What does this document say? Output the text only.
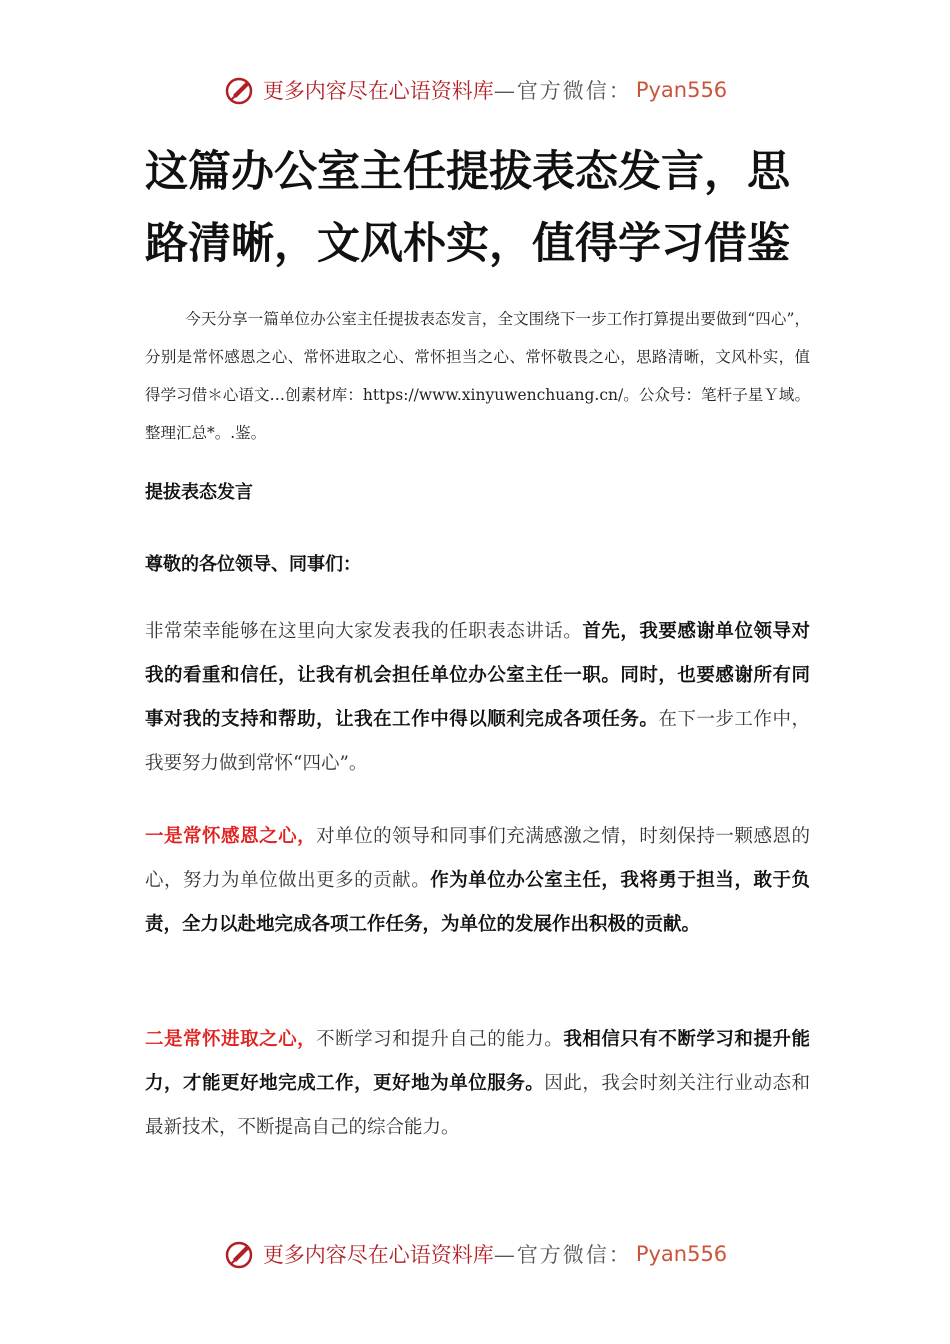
更多内容尽在心语资料库 —官方微信： Pyan556
这篇办公室主任提拔表态发言，思路清晰，文风朴实，值得学习借鉴

今天分享一篇单位办公室主任提拔表态发言，全文围绕下一步工作打算提出要做到“四心”，分别是常怀感恩之心、常怀进取之心、常怀担当之心、常怀敬畏之心，思路清晰，文风朴实，值得学习借＊心语文…创素材库：https://www.xinyuwenchuang.cn/。公众号：笔杆子星Ｙ域。整理汇总*。.鉴。

提拔表态发言

尊敬的各位领导、同事们：

非常荣幸能够在这里向大家发表我的任职表态讲话。首先，我要感谢单位领导对我的看重和信任，让我有机会担任单位办公室主任一职。同时，也要感谢所有同事对我的支持和帮助，让我在工作中得以顺利完成各项任务。在下一步工作中，我要努力做到常怀“四心”。

一是常怀感恩之心，对单位的领导和同事们充满感激之情，时刻保持一颗感恩的心，努力为单位做出更多的贡献。作为单位办公室主任，我将勇于担当，敢于负责，全力以赴地完成各项工作任务，为单位的发展作出积极的贡献。

二是常怀进取之心，不断学习和提升自己的能力。我相信只有不断学习和提升能力，才能更好地完成工作，更好地为单位服务。因此，我会时刻关注行业动态和最新技术，不断提高自己的综合能力。

更多内容尽在心语资料库 —官方微信： Pyan556
